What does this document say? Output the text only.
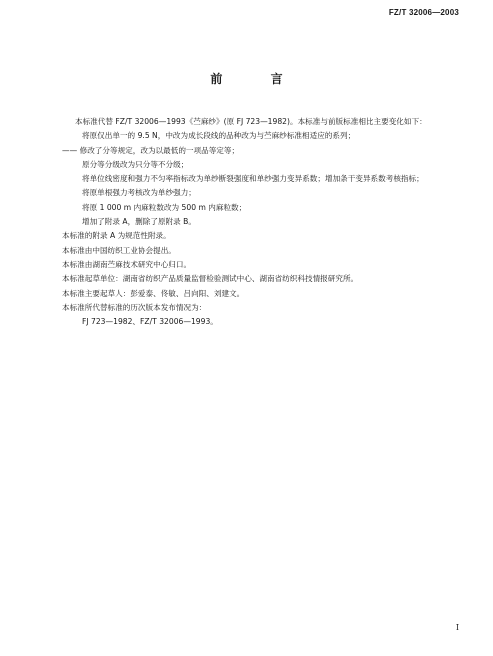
FZ/T 32006—2003
前 言

本标准代替 FZ/T 32006—1993《苎麻纱》(原 FJ 723—1982)。本标准与前版标准相比主要变化如下：

将原仅出单一的 9.5 N，中改为成长段线的品种改为与苎麻纱标准相适应的系列；

—— 修改了分等规定，改为以最低的一项品等定等；

原分等分级改为只分等不分级；

将单位线密度和强力不匀率指标改为单纱断裂强度和单纱强力变异系数；增加条干变异系数考核指标；

将原单根强力考核改为单纱强力；

将原 1 000 m 内麻粒数改为 500 m 内麻粒数；

增加了附录 A，删除了原附录 B。

本标准的附录 A 为规范性附录。

本标准由中国纺织工业协会提出。

本标准由湖南苎麻技术研究中心归口。

本标准起草单位：湖南省纺织产品质量监督检验测试中心、湖南省纺织科技情报研究所。

本标准主要起草人：彭爱泰、佟敏、吕向阳、刘建文。

本标准所代替标准的历次版本发布情况为：

FJ 723—1982、FZ/T 32006—1993。

I
